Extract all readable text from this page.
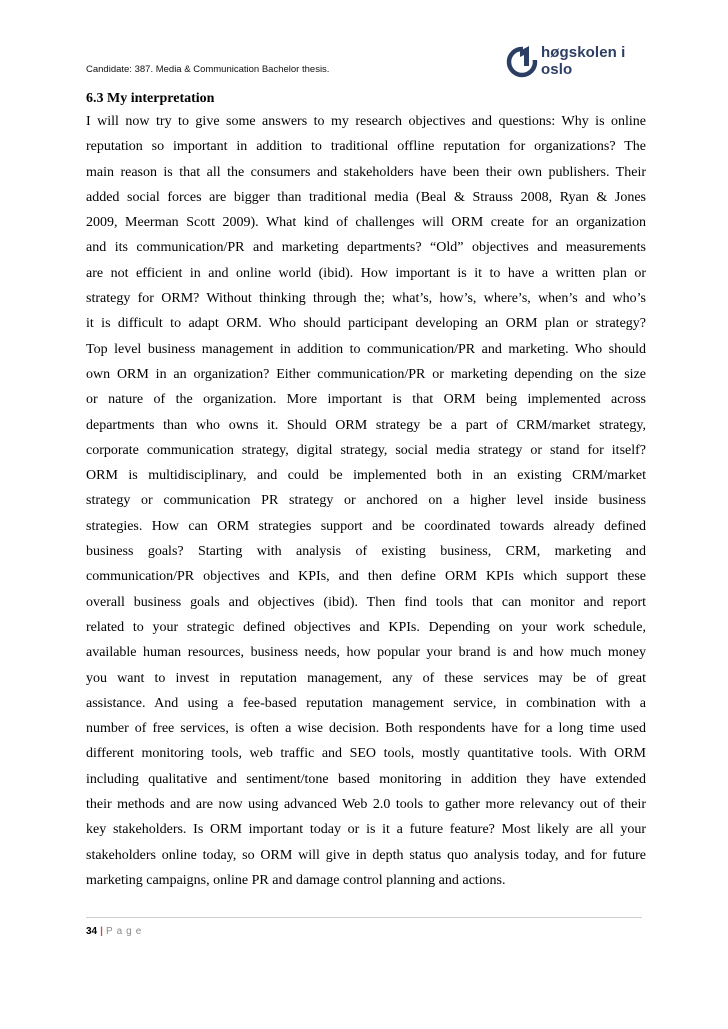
Candidate: 387. Media & Communication Bachelor thesis.
høgskolen i oslo
6.3 My interpretation
I will now try to give some answers to my research objectives and questions: Why is online
reputation so important in addition to traditional offline reputation for organizations? The
main reason is that all the consumers and stakeholders have been their own publishers. Their
added social forces are bigger than traditional media (Beal & Strauss 2008, Ryan & Jones
2009, Meerman Scott 2009). What kind of challenges will ORM create for an organization
and its communication/PR and marketing departments? “Old” objectives and measurements
are not efficient in and online world (ibid). How important is it to have a written plan or
strategy for ORM? Without thinking through the; what’s, how’s, where’s, when’s and who’s
it is difficult to adapt ORM. Who should participant developing an ORM plan or strategy?
Top level business management in addition to communication/PR and marketing. Who should
own ORM in an organization? Either communication/PR or marketing depending on the size
or nature of the organization. More important is that ORM being implemented across
departments than who owns it. Should ORM strategy be a part of CRM/market strategy,
corporate communication strategy, digital strategy, social media strategy or stand for itself?
ORM is multidisciplinary, and could be implemented both in an existing CRM/market
strategy or communication PR strategy or anchored on a higher level inside business
strategies. How can ORM strategies support and be coordinated towards already defined
business goals? Starting with analysis of existing business, CRM, marketing and
communication/PR objectives and KPIs, and then define ORM KPIs which support these
overall business goals and objectives (ibid). Then find tools that can monitor and report
related to your strategic defined objectives and KPIs. Depending on your work schedule,
available human resources, business needs, how popular your brand is and how much money
you want to invest in reputation management, any of these services may be of great
assistance. And using a fee-based reputation management service, in combination with a
number of free services, is often a wise decision. Both respondents have for a long time used
different monitoring tools, web traffic and SEO tools, mostly quantitative tools. With ORM
including qualitative and sentiment/tone based monitoring in addition they have extended
their methods and are now using advanced Web 2.0 tools to gather more relevancy out of their
key stakeholders. Is ORM important today or is it a future feature? Most likely are all your
stakeholders online today, so ORM will give in depth status quo analysis today, and for future
marketing campaigns, online PR and damage control planning and actions.
34 | Page
